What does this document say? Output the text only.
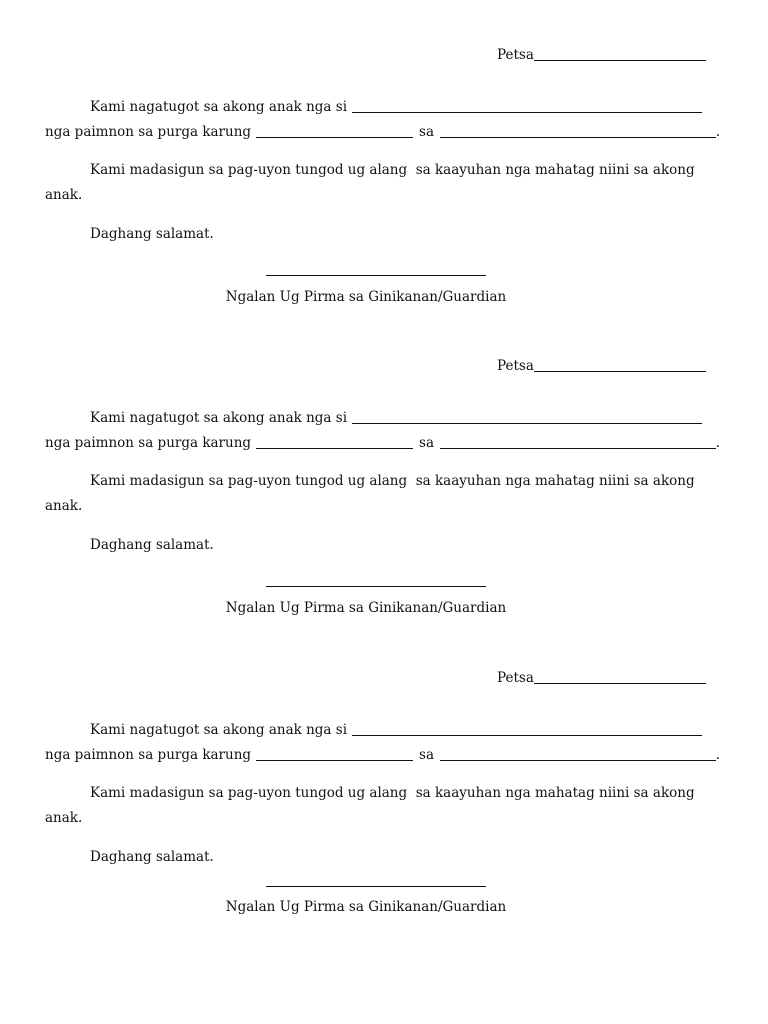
Petsa
Kami nagatugot sa akong anak nga si
nga paimnon sa purga karung	sa	.
Kami madasigun sa pag-uyon tungod ug alang  sa kaayuhan nga mahatag niini sa akong
anak.
Daghang salamat.
Ngalan Ug Pirma sa Ginikanan/Guardian
Petsa
Kami nagatugot sa akong anak nga si
nga paimnon sa purga karung	sa	.
Kami madasigun sa pag-uyon tungod ug alang  sa kaayuhan nga mahatag niini sa akong
anak.
Daghang salamat.
Ngalan Ug Pirma sa Ginikanan/Guardian
Petsa
Kami nagatugot sa akong anak nga si
nga paimnon sa purga karung	sa	.
Kami madasigun sa pag-uyon tungod ug alang  sa kaayuhan nga mahatag niini sa akong
anak.
Daghang salamat.
Ngalan Ug Pirma sa Ginikanan/Guardian
